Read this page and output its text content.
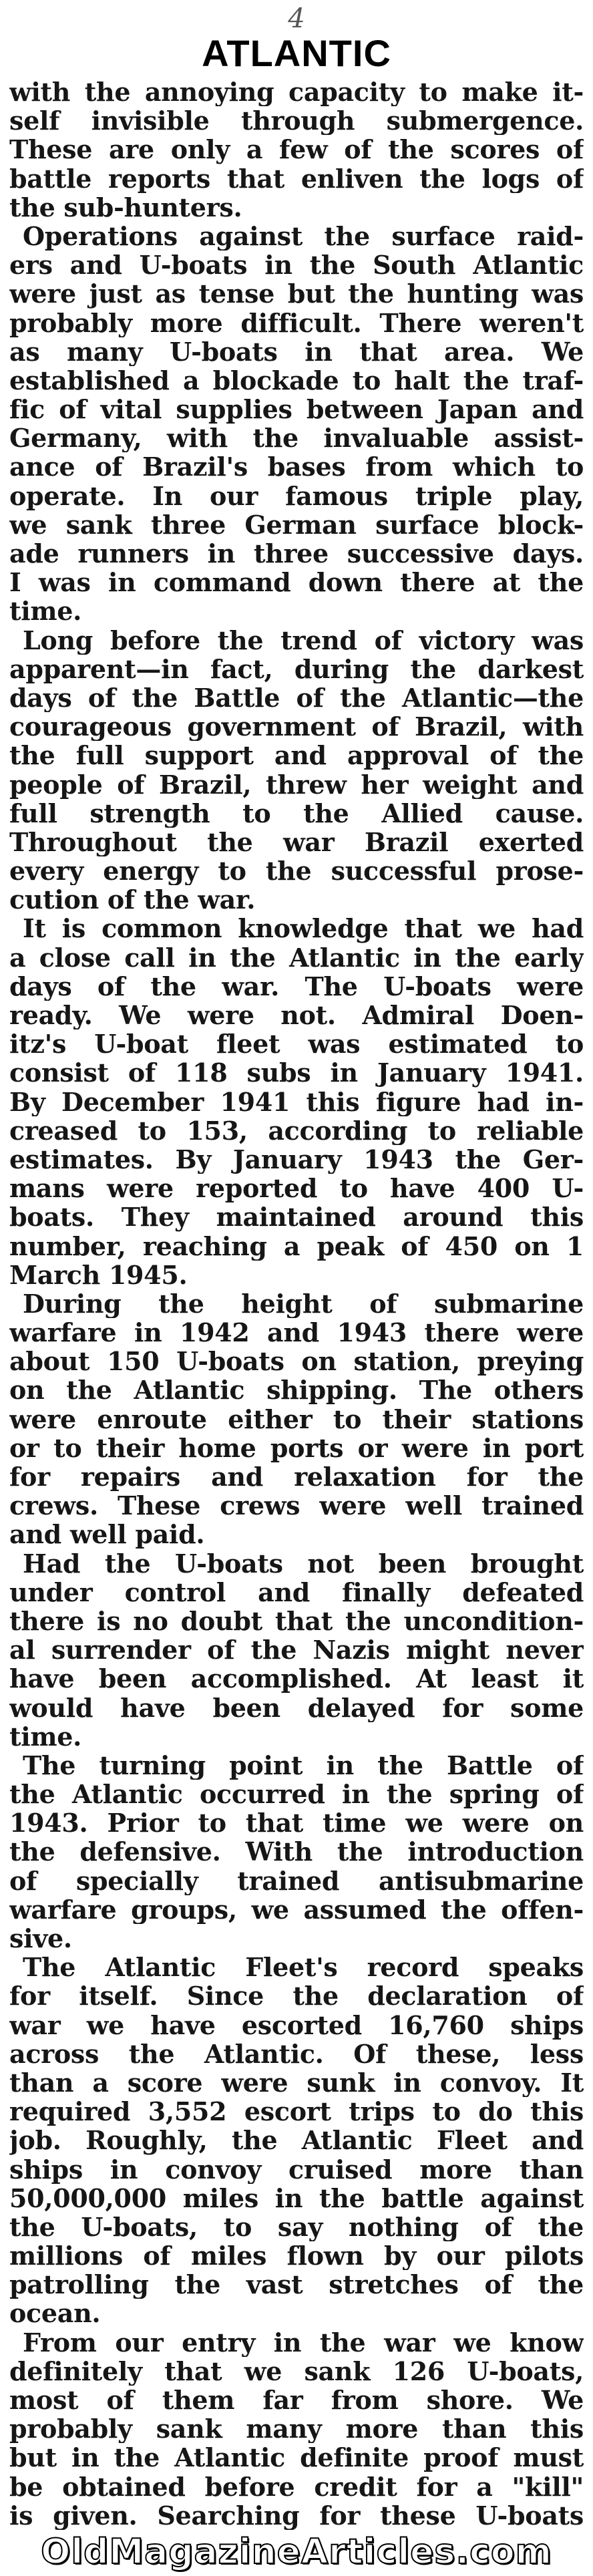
4
ATLANTIC
with the annoying capacity to make it-
self invisible through submergence.
These are only a few of the scores of
battle reports that enliven the logs of
the sub-hunters.
Operations against the surface raid-
ers and U-boats in the South Atlantic
were just as tense but the hunting was
probably more difficult. There weren't
as many U-boats in that area. We
established a blockade to halt the traf-
fic of vital supplies between Japan and
Germany, with the invaluable assist-
ance of Brazil's bases from which to
operate. In our famous triple play,
we sank three German surface block-
ade runners in three successive days.
I was in command down there at the
time.
Long before the trend of victory was
apparent—in fact, during the darkest
days of the Battle of the Atlantic—the
courageous government of Brazil, with
the full support and approval of the
people of Brazil, threw her weight and
full strength to the Allied cause.
Throughout the war Brazil exerted
every energy to the successful prose-
cution of the war.
It is common knowledge that we had
a close call in the Atlantic in the early
days of the war. The U-boats were
ready. We were not. Admiral Doen-
itz's U-boat fleet was estimated to
consist of 118 subs in January 1941.
By December 1941 this figure had in-
creased to 153, according to reliable
estimates. By January 1943 the Ger-
mans were reported to have 400 U-
boats. They maintained around this
number, reaching a peak of 450 on 1
March 1945.
During the height of submarine
warfare in 1942 and 1943 there were
about 150 U-boats on station, preying
on the Atlantic shipping. The others
were enroute either to their stations
or to their home ports or were in port
for repairs and relaxation for the
crews. These crews were well trained
and well paid.
Had the U-boats not been brought
under control and finally defeated
there is no doubt that the uncondition-
al surrender of the Nazis might never
have been accomplished. At least it
would have been delayed for some
time.
The turning point in the Battle of
the Atlantic occurred in the spring of
1943. Prior to that time we were on
the defensive. With the introduction
of specially trained antisubmarine
warfare groups, we assumed the offen-
sive.
The Atlantic Fleet's record speaks
for itself. Since the declaration of
war we have escorted 16,760 ships
across the Atlantic. Of these, less
than a score were sunk in convoy. It
required 3,552 escort trips to do this
job. Roughly, the Atlantic Fleet and
ships in convoy cruised more than
50,000,000 miles in the battle against
the U-boats, to say nothing of the
millions of miles flown by our pilots
patrolling the vast stretches of the
ocean.
From our entry in the war we know
definitely that we sank 126 U-boats,
most of them far from shore. We
probably sank many more than this
but in the Atlantic definite proof must
be obtained before credit for a "kill"
is given. Searching for these U-boats
OldMagazineArticles.com
